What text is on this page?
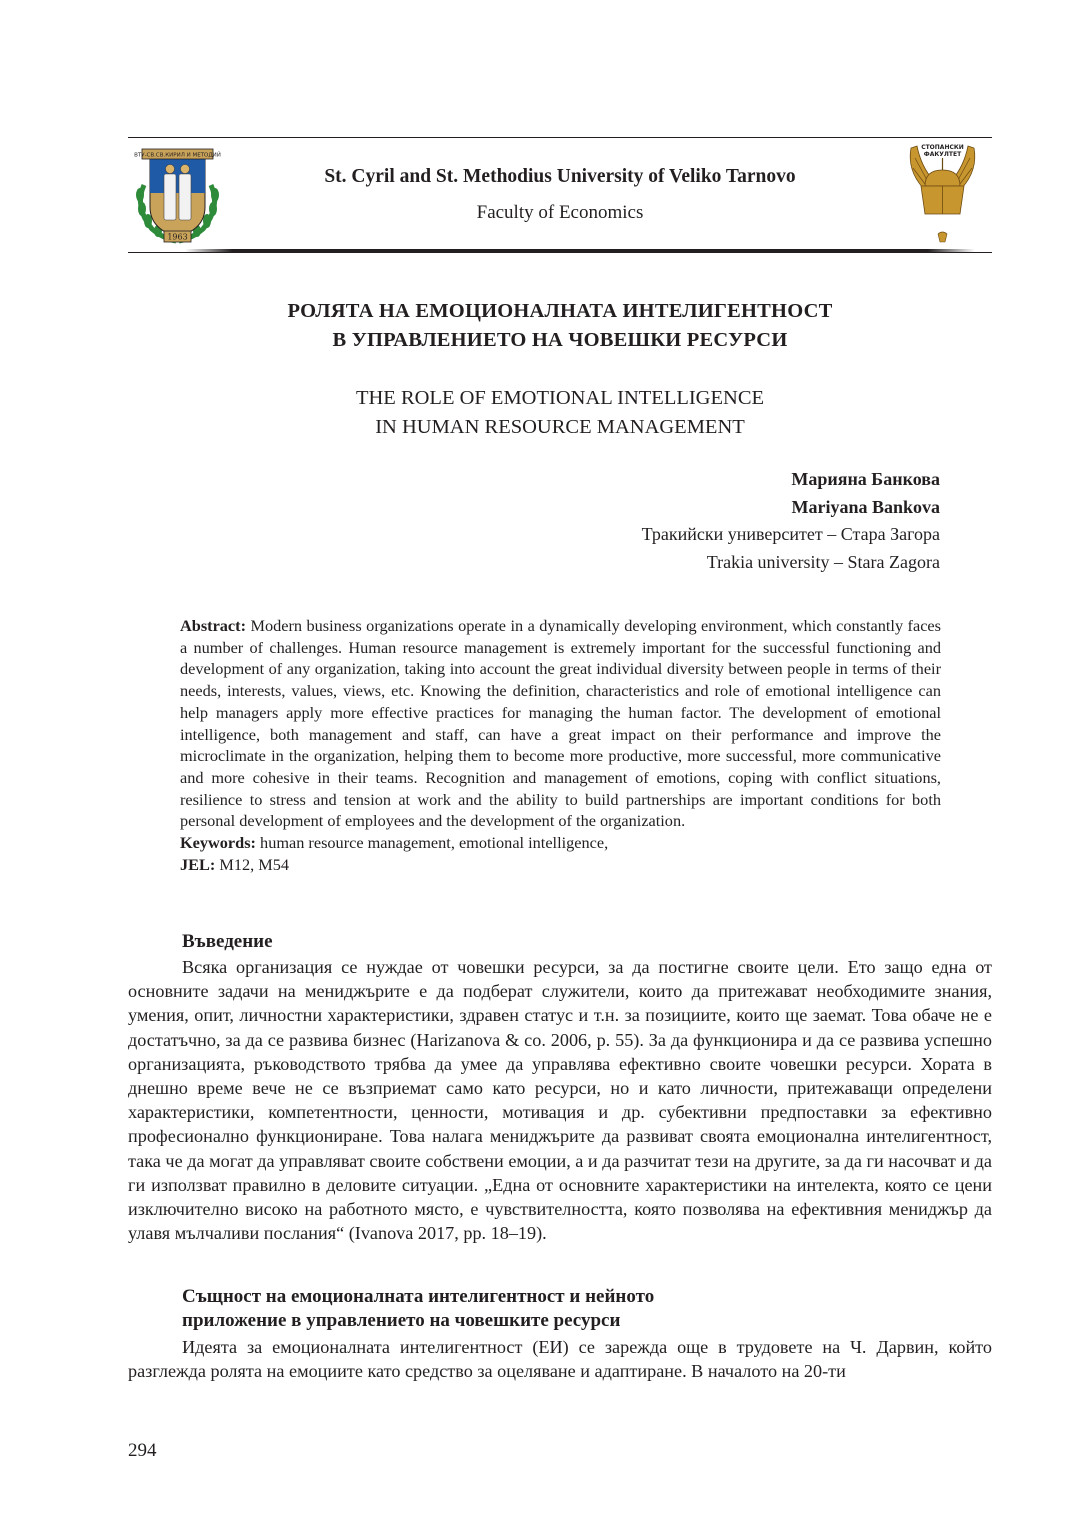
ВТУ-СВ.СВ.КИРИЛ И МЕТОДИЙ
1963
St. Cyril and St. Methodius University of Veliko Tarnovo
Faculty of Economics
СТОПАНСКИ
ФАКУЛТЕТ
РОЛЯТА НА ЕМОЦИОНАЛНАТА ИНТЕЛИГЕНТНОСТ
В УПРАВЛЕНИЕТО НА ЧОВЕШКИ РЕСУРСИ
THE ROLE OF EMOTIONAL INTELLIGENCE
IN HUMAN RESOURCE MANAGEMENT
Марияна Банкова
Mariyana Bankova
Тракийски университет – Стара Загора
Trakia university – Stara Zagora
Abstract: Modern business organizations operate in a dynamically developing environment, which constantly faces a number of challenges. Human resource management is extremely important for the successful functioning and development of any organization, taking into account the great individual diversity between people in terms of their needs, interests, values, views, etc. Knowing the definition, characteristics and role of emotional intelligence can help managers apply more effective practices for managing the human factor. The development of emotional intelligence, both management and staff, can have a great impact on their performance and improve the microclimate in the organization, helping them to become more productive, more successful, more communicative and more cohesive in their teams. Recognition and management of emotions, coping with conflict situations, resilience to stress and tension at work and the ability to build partnerships are important conditions for both personal development of employees and the development of the organization.
Keywords: human resource management, emotional intelligence,
JEL: M12, M54
Въведение
Всяка организация се нуждае от човешки ресурси, за да постигне своите цели. Ето защо една от основните задачи на мениджърите е да подберат служители, които да притежават необходимите знания, умения, опит, личностни характеристики, здравен статус и т.н. за позициите, които ще заемат. Това обаче не е достатъчно, за да се развива бизнес (Harizanova & co. 2006, p. 55). За да функционира и да се развива успешно организацията, ръководството трябва да умее да управлява ефективно своите човешки ресурси. Хората в днешно време вече не се възприемат само като ресурси, но и като личности, притежаващи определени характеристики, компетентности, ценности, мотивация и др. субективни предпоставки за ефективно професионално функциониране. Това налага мениджърите да развиват своята емоционална интелигентност, така че да могат да управляват своите собствени емоции, а и да разчитат тези на другите, за да ги насочват и да ги използват правилно в деловите ситуации. „Една от основните характеристики на интелекта, която се цени изключително високо на работното място, е чувствителността, която позволява на ефективния мениджър да улавя мълчаливи послания“ (Ivanova 2017, pp. 18–19).
Същност на емоционалната интелигентност и нейното
приложение в управлението на човешките ресурси
Идеята за емоционалната интелигентност (ЕИ) се зарежда още в трудовете на Ч. Дарвин, който разглежда ролята на емоциите като средство за оцеляване и адаптиране. В началото на 20-ти
294
